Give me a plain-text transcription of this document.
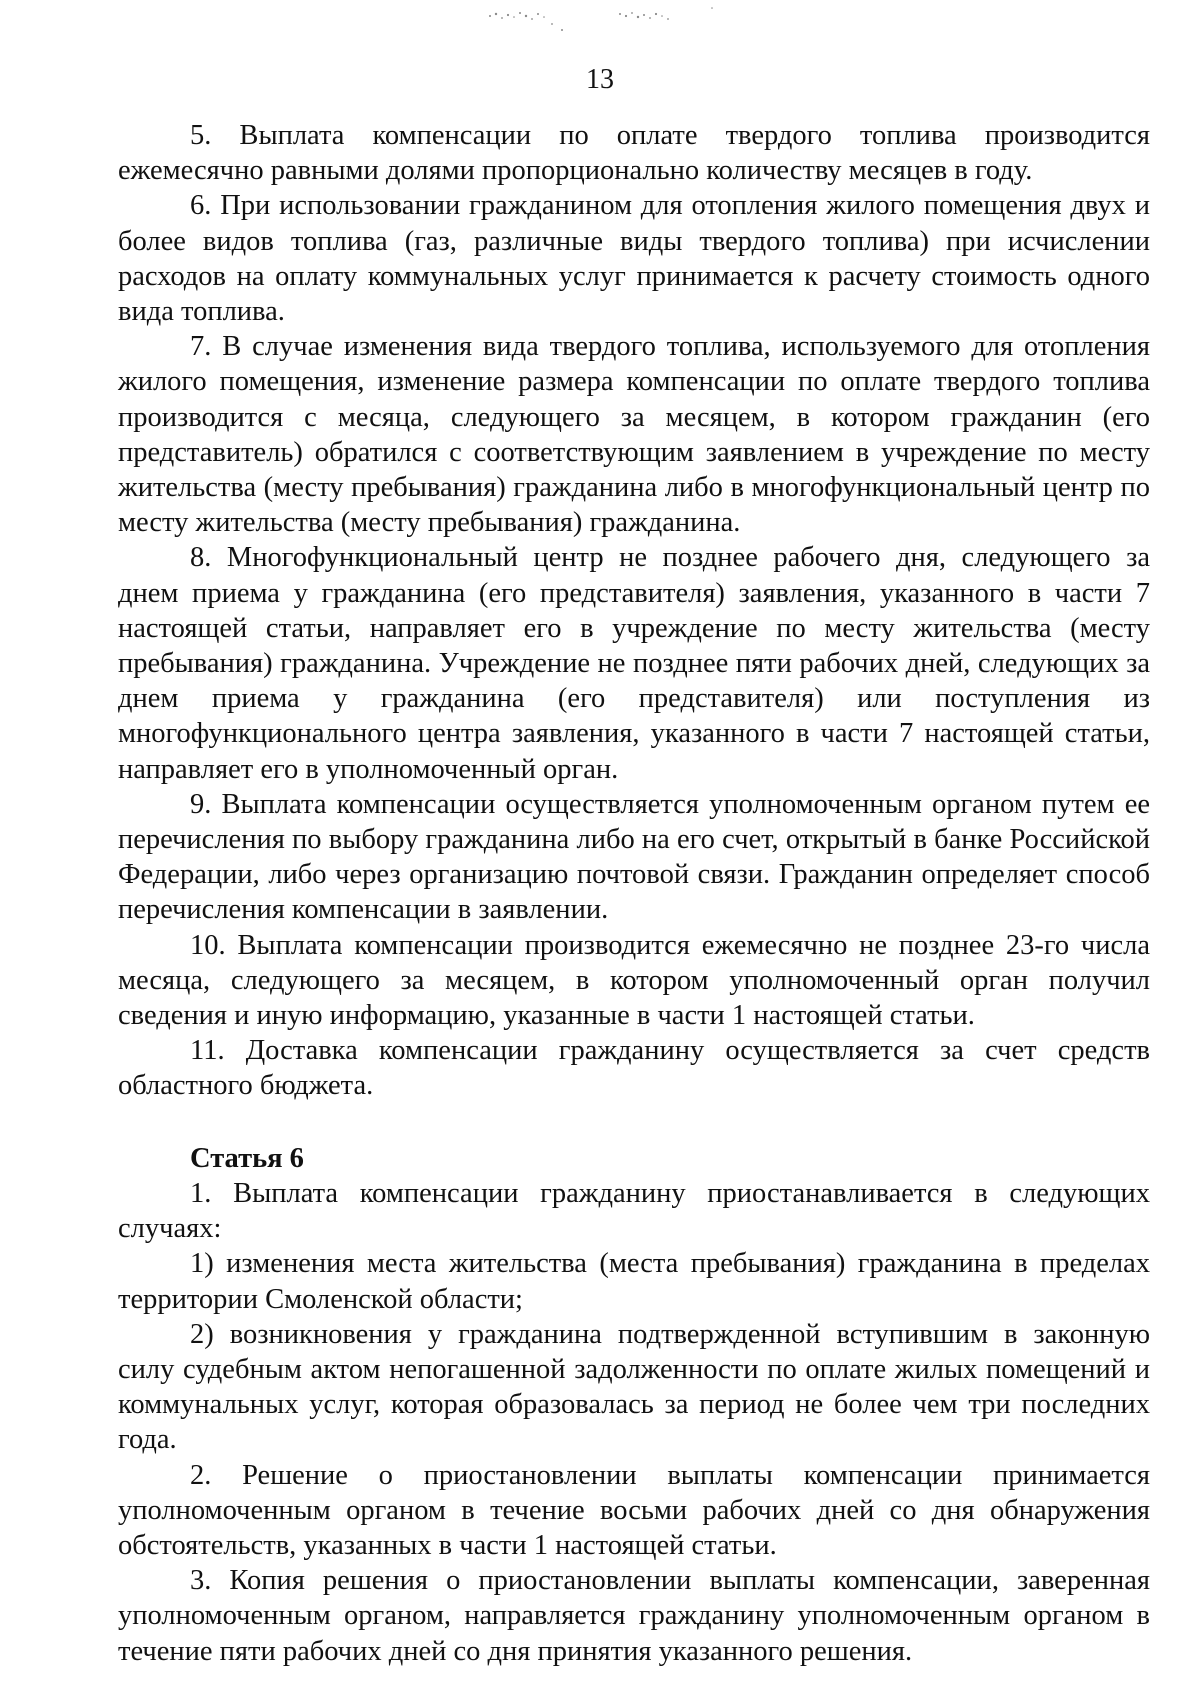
13

5. Выплата компенсации по оплате твердого топлива производится ежемесячно равными долями пропорционально количеству месяцев в году.

6. При использовании гражданином для отопления жилого помещения двух и более видов топлива (газ, различные виды твердого топлива) при исчислении расходов на оплату коммунальных услуг принимается к расчету стоимость одного вида топлива.

7. В случае изменения вида твердого топлива, используемого для отопления жилого помещения, изменение размера компенсации по оплате твердого топлива производится с месяца, следующего за месяцем, в котором гражданин (его представитель) обратился с соответствующим заявлением в учреждение по месту жительства (месту пребывания) гражданина либо в многофункциональный центр по месту жительства (месту пребывания) гражданина.

8. Многофункциональный центр не позднее рабочего дня, следующего за днем приема у гражданина (его представителя) заявления, указанного в части 7 настоящей статьи, направляет его в учреждение по месту жительства (месту пребывания) гражданина. Учреждение не позднее пяти рабочих дней, следующих за днем приема у гражданина (его представителя) или поступления из многофункционального центра заявления, указанного в части 7 настоящей статьи, направляет его в уполномоченный орган.

9. Выплата компенсации осуществляется уполномоченным органом путем ее перечисления по выбору гражданина либо на его счет, открытый в банке Российской Федерации, либо через организацию почтовой связи. Гражданин определяет способ перечисления компенсации в заявлении.

10. Выплата компенсации производится ежемесячно не позднее 23-го числа месяца, следующего за месяцем, в котором уполномоченный орган получил сведения и иную информацию, указанные в части 1 настоящей статьи.

11. Доставка компенсации гражданину осуществляется за счет средств областного бюджета.

Статья 6

1. Выплата компенсации гражданину приостанавливается в следующих случаях:

1) изменения места жительства (места пребывания) гражданина в пределах территории Смоленской области;

2) возникновения у гражданина подтвержденной вступившим в законную силу судебным актом непогашенной задолженности по оплате жилых помещений и коммунальных услуг, которая образовалась за период не более чем три последних года.

2. Решение о приостановлении выплаты компенсации принимается уполномоченным органом в течение восьми рабочих дней со дня обнаружения обстоятельств, указанных в части 1 настоящей статьи.

3. Копия решения о приостановлении выплаты компенсации, заверенная уполномоченным органом, направляется гражданину уполномоченным органом в течение пяти рабочих дней со дня принятия указанного решения.
